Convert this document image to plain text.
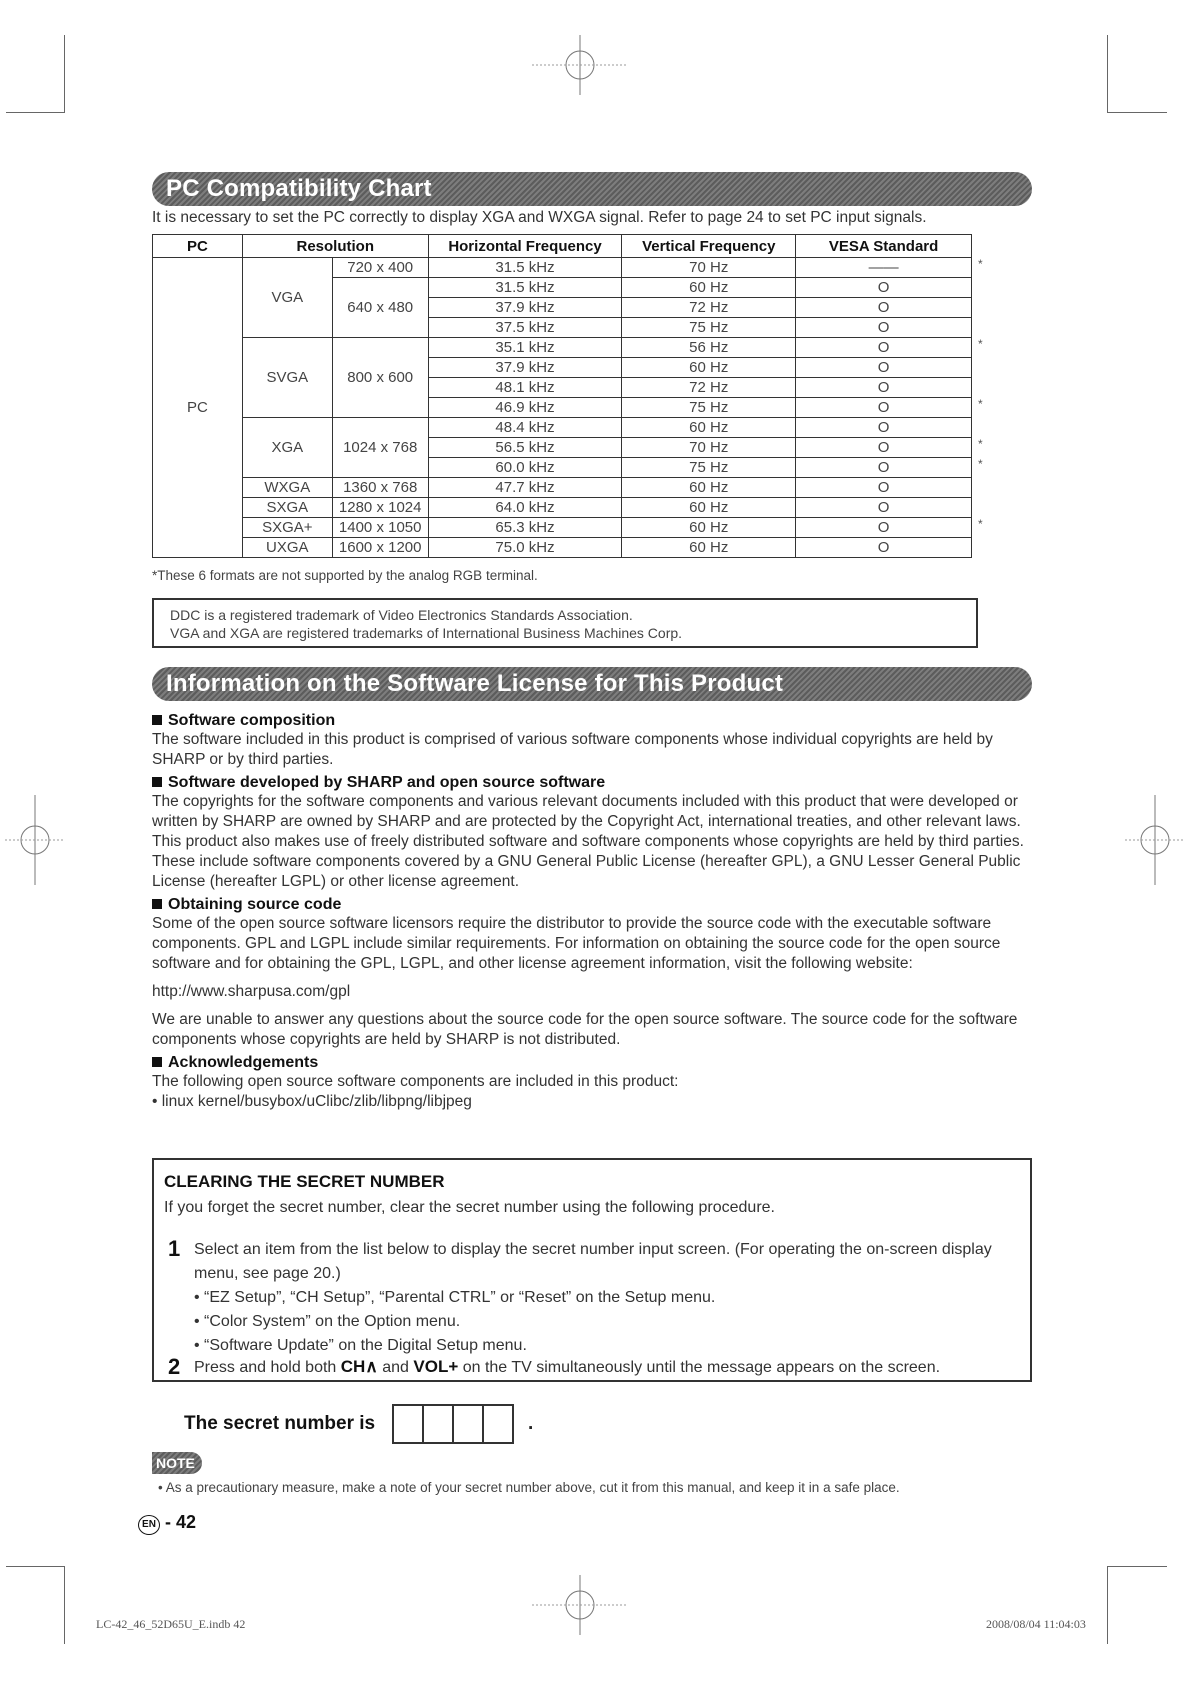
PC Compatibility Chart
It is necessary to set the PC correctly to display XGA and WXGA signal. Refer to page 24 to set PC input signals.
PC	Resolution		Horizontal Frequency	Vertical Frequency	VESA Standard
PC	VGA	720 x 400	31.5 kHz	70 Hz	——
		640 x 480	31.5 kHz	60 Hz	O
			37.9 kHz	72 Hz	O
			37.5 kHz	75 Hz	O
	SVGA	800 x 600	35.1 kHz	56 Hz	O
			37.9 kHz	60 Hz	O
			48.1 kHz	72 Hz	O
			46.9 kHz	75 Hz	O
	XGA	1024 x 768	48.4 kHz	60 Hz	O
			56.5 kHz	70 Hz	O
			60.0 kHz	75 Hz	O
	WXGA	1360 x 768	47.7 kHz	60 Hz	O
	SXGA	1280 x 1024	64.0 kHz	60 Hz	O
	SXGA+	1400 x 1050	65.3 kHz	60 Hz	O
	UXGA	1600 x 1200	75.0 kHz	60 Hz	O
*
*
*
*
*
*
*These 6 formats are not supported by the analog RGB terminal.
DDC is a registered trademark of Video Electronics Standards Association.
VGA and XGA are registered trademarks of International Business Machines Corp.
Information on the Software License for This Product
Software composition
The software included in this product is comprised of various software components whose individual copyrights are held by SHARP or by third parties.
Software developed by SHARP and open source software
The copyrights for the software components and various relevant documents included with this product that were developed or written by SHARP are owned by SHARP and are protected by the Copyright Act, international treaties, and other relevant laws. This product also makes use of freely distributed software and software components whose copyrights are held by third parties. These include software components covered by a GNU General Public License (hereafter GPL), a GNU Lesser General Public License (hereafter LGPL) or other license agreement.
Obtaining source code
Some of the open source software licensors require the distributor to provide the source code with the executable software components. GPL and LGPL include similar requirements. For information on obtaining the source code for the open source software and for obtaining the GPL, LGPL, and other license agreement information, visit the following website:
http://www.sharpusa.com/gpl
We are unable to answer any questions about the source code for the open source software. The source code for the software components whose copyrights are held by SHARP is not distributed.
Acknowledgements
The following open source software components are included in this product:
• linux kernel/busybox/uClibc/zlib/libpng/libjpeg
CLEARING THE SECRET NUMBER
If you forget the secret number, clear the secret number using the following procedure.
1 Select an item from the list below to display the secret number input screen. (For operating the on-screen display menu, see page 20.)
• “EZ Setup”, “CH Setup”, “Parental CTRL” or “Reset” on the Setup menu.
• “Color System” on the Option menu.
• “Software Update” on the Digital Setup menu.
2 Press and hold both CH∧ and VOL+ on the TV simultaneously until the message appears on the screen.
The secret number is	.
NOTE
• As a precautionary measure, make a note of your secret number above, cut it from this manual, and keep it in a safe place.
EN - 42
LC-42_46_52D65U_E.indb 42	2008/08/04 11:04:03
